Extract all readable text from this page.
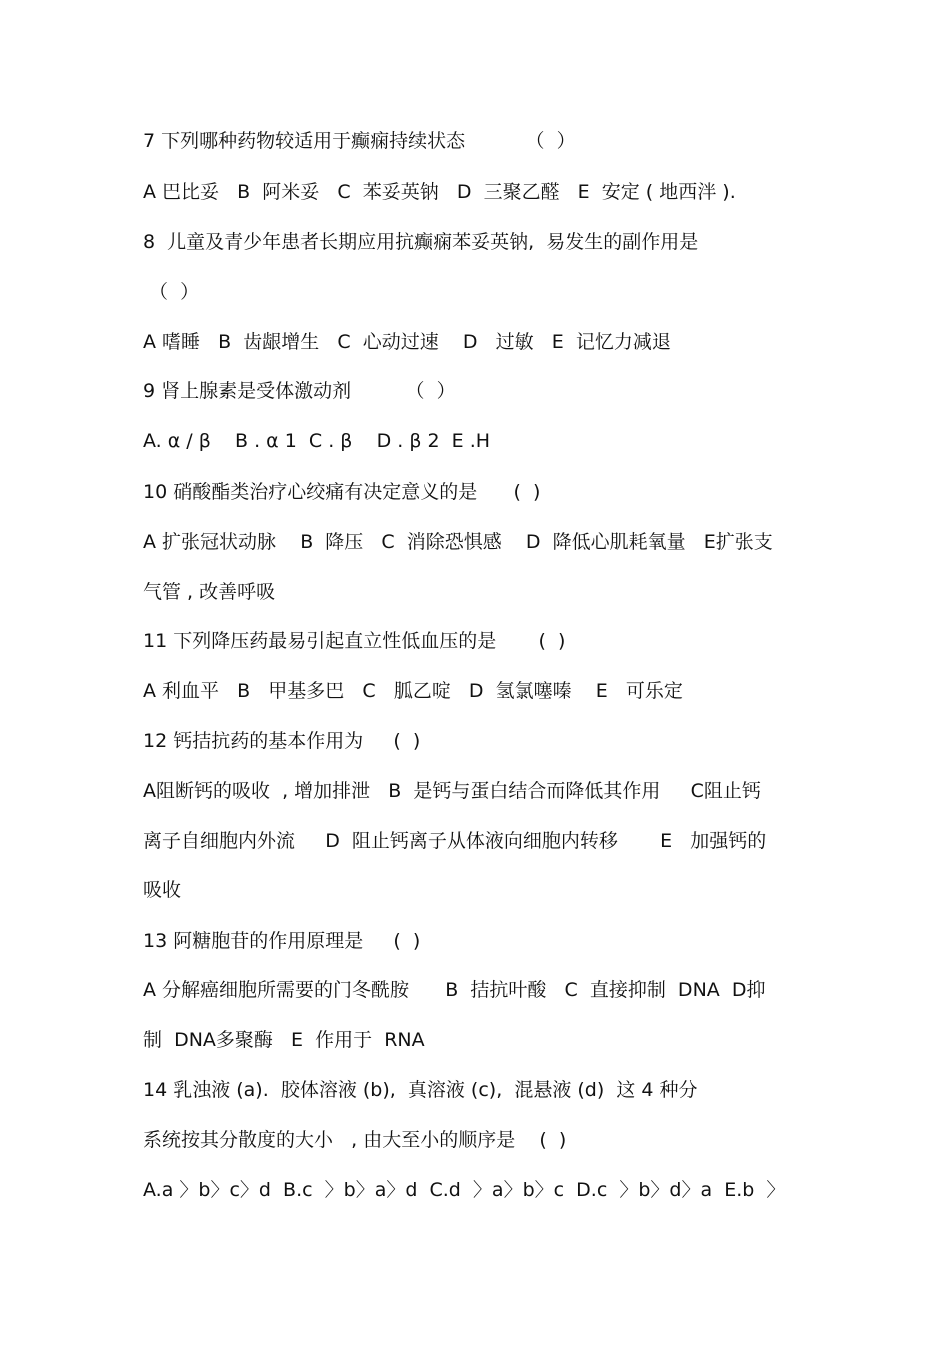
7 下列哪种药物较适用于癫痫持续状态          （  ）
A 巴比妥   B  阿米妥   C  苯妥英钠   D  三聚乙醛   E  安定 ( 地西泮 ).
8  儿童及青少年患者长期应用抗癫痫苯妥英钠,  易发生的副作用是
（  ）
A 嗜睡   B  齿龈增生   C  心动过速    D   过敏   E  记忆力减退
9 肾上腺素是受体激动剂         （  ）
A. α / β    B . α 1  C . β    D . β 2  E .H
10 硝酸酯类治疗心绞痛有决定意义的是      (  )
A 扩张冠状动脉    B  降压   C  消除恐惧感    D  降低心肌耗氧量   E扩张支
气管 , 改善呼吸
11 下列降压药最易引起直立性低血压的是       (  )
A 利血平   B   甲基多巴   C   胍乙啶   D  氢氯噻嗪    E   可乐定
12 钙拮抗药的基本作用为     (  )
A阻断钙的吸收  , 增加排泄   B  是钙与蛋白结合而降低其作用     C阻止钙
离子自细胞内外流     D  阻止钙离子从体液向细胞内转移       E   加强钙的
吸收
13 阿糖胞苷的作用原理是     (  )
A 分解癌细胞所需要的门冬酰胺      B  拮抗叶酸   C  直接抑制  DNA  D抑
制  DNA多聚酶   E  作用于  RNA
14 乳浊液 (a).  胶体溶液 (b),  真溶液 (c),  混悬液 (d)  这 4 种分
系统按其分散度的大小   , 由大至小的顺序是    (  )
A.a 〉b〉c〉d  B.c  〉b〉a〉d  C.d  〉a〉b〉c  D.c  〉b〉d〉a  E.b  〉
